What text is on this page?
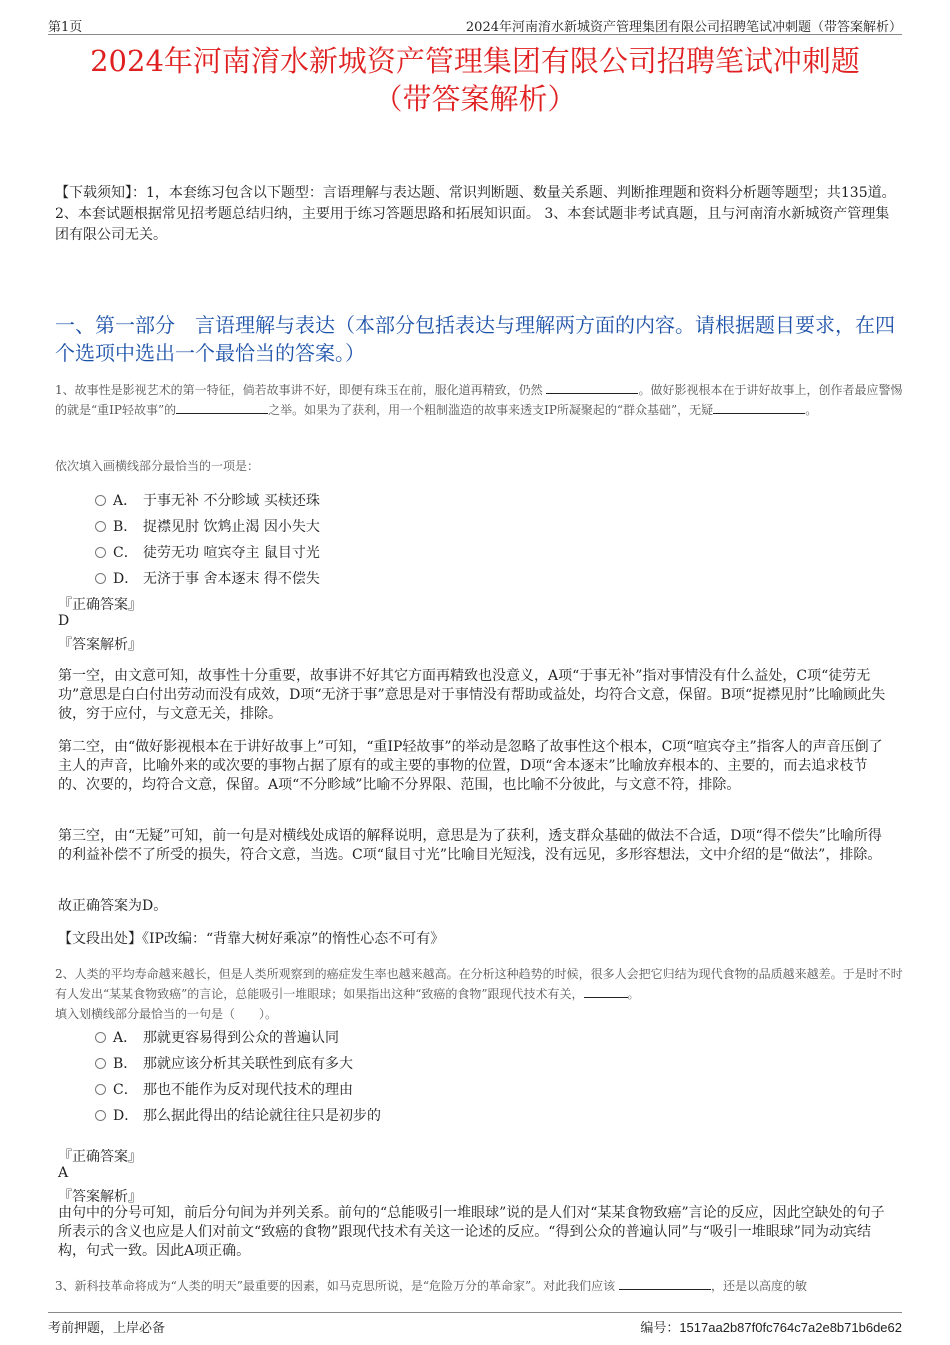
第1页	2024年河南淯水新城资产管理集团有限公司招聘笔试冲刺题（带答案解析）
2024年河南淯水新城资产管理集团有限公司招聘笔试冲刺题
（带答案解析）
【下载须知】：1，本套练习包含以下题型：言语理解与表达题、常识判断题、数量关系题、判断推理题和资料分析题等题型；共135道。 2、本套试题根据常见招考题总结归纳，主要用于练习答题思路和拓展知识面。 3、本套试题非考试真题，且与河南淯水新城资产管理集团有限公司无关。
一、第一部分　言语理解与表达（本部分包括表达与理解两方面的内容。请根据题目要求，在四个选项中选出一个最恰当的答案。）
1、故事性是影视艺术的第一特征，倘若故事讲不好，即便有珠玉在前，服化道再精致，仍然	。做好影视根本在于讲好故事上，创作者最应警惕的就是“重IP轻故事”的	之举。如果为了获利，用一个粗制滥造的故事来透支IP所凝聚起的“群众基础”，无疑	。
依次填入画横线部分最恰当的一项是：
A． 于事无补 不分畛域 买椟还珠
B． 捉襟见肘 饮鸩止渴 因小失大
C． 徒劳无功 喧宾夺主 鼠目寸光
D． 无济于事 舍本逐末 得不偿失
『正确答案』
D
『答案解析』
第一空，由文意可知，故事性十分重要，故事讲不好其它方面再精致也没意义，A项“于事无补”指对事情没有什么益处，C项“徒劳无功”意思是白白付出劳动而没有成效，D项“无济于事”意思是对于事情没有帮助或益处，均符合文意，保留。B项“捉襟见肘”比喻顾此失彼，穷于应付，与文意无关，排除。
第二空，由“做好影视根本在于讲好故事上”可知，“重IP轻故事”的举动是忽略了故事性这个根本，C项“喧宾夺主”指客人的声音压倒了主人的声音，比喻外来的或次要的事物占据了原有的或主要的事物的位置，D项“舍本逐末”比喻放弃根本的、主要的，而去追求枝节的、次要的，均符合文意，保留。A项“不分畛域”比喻不分界限、范围，也比喻不分彼此，与文意不符，排除。
第三空，由“无疑”可知，前一句是对横线处成语的解释说明，意思是为了获利，透支群众基础的做法不合适，D项“得不偿失”比喻所得的利益补偿不了所受的损失，符合文意，当选。C项“鼠目寸光”比喻目光短浅，没有远见，多形容想法，文中介绍的是“做法”，排除。
故正确答案为D。
【文段出处】《IP改编：“背靠大树好乘凉”的惰性心态不可有》
2、人类的平均寿命越来越长，但是人类所观察到的癌症发生率也越来越高。在分析这种趋势的时候，很多人会把它归结为现代食物的品质越来越差。于是时不时有人发出“某某食物致癌”的言论，总能吸引一堆眼球；如果指出这种“致癌的食物”跟现代技术有关，	。
填入划横线部分最恰当的一句是（　　）。
A． 那就更容易得到公众的普遍认同
B． 那就应该分析其关联性到底有多大
C． 那也不能作为反对现代技术的理由
D． 那么据此得出的结论就往往只是初步的
『正确答案』
A
『答案解析』
由句中的分号可知，前后分句间为并列关系。前句的“总能吸引一堆眼球”说的是人们对“某某食物致癌”言论的反应，因此空缺处的句子所表示的含义也应是人们对前文“致癌的食物”跟现代技术有关这一论述的反应。“得到公众的普遍认同”与“吸引一堆眼球”同为动宾结构，句式一致。因此A项正确。
3、新科技革命将成为“人类的明天”最重要的因素，如马克思所说，是“危险万分的革命家”。对此我们应该	，还是以高度的敏
考前押题，上岸必备	编号：1517aa2b87f0fc764c7a2e8b71b6de62
